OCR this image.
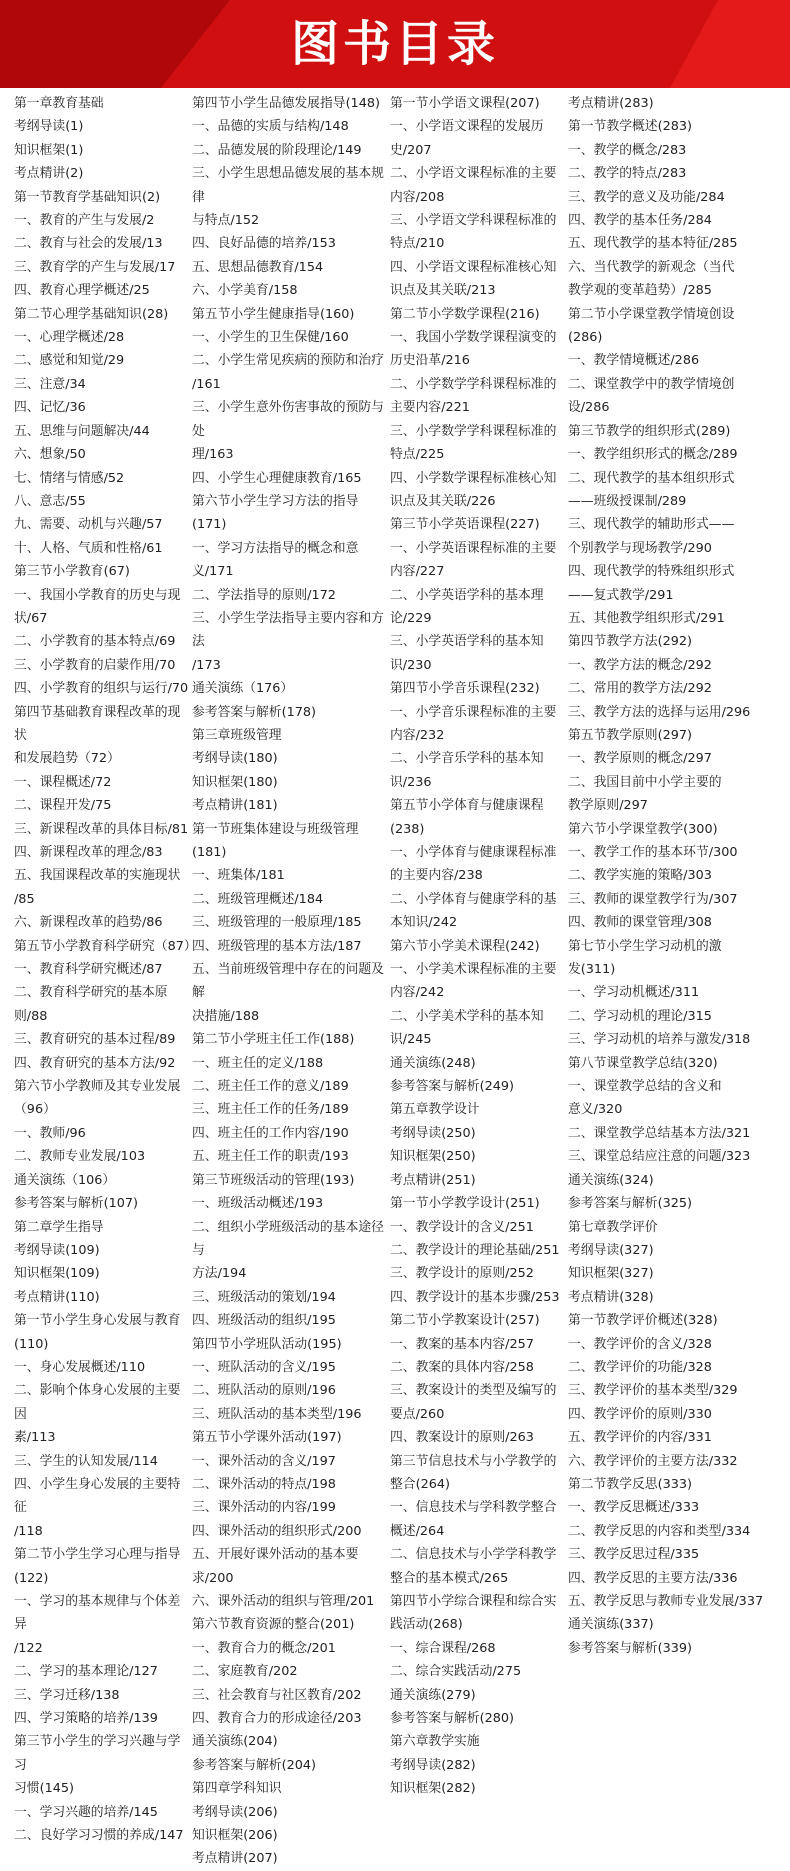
图书目录

第一章教育基础

考纲导读(1)

知识框架(1)

考点精讲(2)

第一节教育学基础知识(2)

一、教育的产生与发展/2

二、教育与社会的发展/13

三、教育学的产生与发展/17

四、教育心理学概述/25

第二节心理学基础知识(28)

一、心理学概述/28

二、感觉和知觉/29

三、注意/34

四、记忆/36

五、思维与问题解决/44

六、想象/50

七、情绪与情感/52

八、意志/55

九、需要、动机与兴趣/57

十、人格、气质和性格/61

第三节小学教育(67)

一、我国小学教育的历史与现

状/67

二、小学教育的基本特点/69

三、小学教育的启蒙作用/70

四、小学教育的组织与运行/70

第四节基础教育课程改革的现状

和发展趋势（72）

一、课程概述/72

二、课程开发/75

三、新课程改革的具体目标/81

四、新课程改革的理念/83

五、我国课程改革的实施现状

/85

六、新课程改革的趋势/86

第五节小学教育科学研究（87）

一、教育科学研究概述/87

二、教育科学研究的基本原则/88

三、教育研究的基本过程/89

四、教育研究的基本方法/92

第六节小学教师及其专业发展

（96）

一、教师/96

二、教师专业发展/103

通关演练（106）

参考答案与解析(107)

第二章学生指导

考纲导读(109)

知识框架(109)

考点精讲(110)

第一节小学生身心发展与教育(110)

一、身心发展概述/110

二、影响个体身心发展的主要因

素/113

三、学生的认知发展/114

四、小学生身心发展的主要特征

/118

第二节小学生学习心理与指导(122)

一、学习的基本规律与个体差异

/122

二、学习的基本理论/127

三、学习迁移/138

四、学习策略的培养/139

第三节小学生的学习兴趣与学习

习惯(145)

一、学习兴趣的培养/145

二、良好学习习惯的养成/147

第四节小学生品德发展指导(148)

一、品德的实质与结构/148

二、品德发展的阶段理论/149

三、小学生思想品德发展的基本规律

与特点/152

四、良好品德的培养/153

五、思想品德教育/154

六、小学美育/158

第五节小学生健康指导(160)

一、小学生的卫生保健/160

二、小学生常见疾病的预防和治疗

/161

三、小学生意外伤害事故的预防与处

理/163

四、小学生心理健康教育/165

第六节小学生学习方法的指导(171)

一、学习方法指导的概念和意义/171

二、学法指导的原则/172

三、小学生学法指导主要内容和方法

/173

通关演练（176）

参考答案与解析(178)

第三章班级管理

考纲导读(180)

知识框架(180)

考点精讲(181)

第一节班集体建设与班级管理(181)

一、班集体/181

二、班级管理概述/184

三、班级管理的一般原理/185

四、班级管理的基本方法/187

五、当前班级管理中存在的问题及解

决措施/188

第二节小学班主任工作(188)

一、班主任的定义/188

二、班主任工作的意义/189

三、班主任工作的任务/189

四、班主任的工作内容/190

五、班主任工作的职责/193

第三节班级活动的管理(193)

一、班级活动概述/193

二、组织小学班级活动的基本途径与

方法/194

三、班级活动的策划/194

四、班级活动的组织/195

第四节小学班队活动(195)

一、班队活动的含义/195

二、班队活动的原则/196

三、班队活动的基本类型/196

第五节小学课外活动(197)

一、课外活动的含义/197

二、课外活动的特点/198

三、课外活动的内容/199

四、课外活动的组织形式/200

五、开展好课外活动的基本要求/200

六、课外活动的组织与管理/201

第六节教育资源的整合(201)

一、教育合力的概念/201

二、家庭教育/202

三、社会教育与社区教育/202

四、教育合力的形成途径/203

通关演练(204)

参考答案与解析(204)

第四章学科知识

考纲导读(206)

知识框架(206)

考点精讲(207)

第一节小学语文课程(207)

一、小学语文课程的发展历史/207

二、小学语文课程标准的主要

内容/208

三、小学语文学科课程标准的

特点/210

四、小学语文课程标准核心知

识点及其关联/213

第二节小学数学课程(216)

一、我国小学数学课程演变的

历史沿革/216

二、小学数学学科课程标准的

主要内容/221

三、小学数学学科课程标准的

特点/225

四、小学数学课程标准核心知

识点及其关联/226

第三节小学英语课程(227)

一、小学英语课程标准的主要

内容/227

二、小学英语学科的基本理论/229

三、小学英语学科的基本知识/230

第四节小学音乐课程(232)

一、小学音乐课程标准的主要

内容/232

二、小学音乐学科的基本知识/236

第五节小学体育与健康课程(238)

一、小学体育与健康课程标准

的主要内容/238

二、小学体育与健康学科的基

本知识/242

第六节小学美术课程(242)

一、小学美术课程标准的主要

内容/242

二、小学美术学科的基本知识/245

通关演练(248)

参考答案与解析(249)

第五章教学设计

考纲导读(250)

知识框架(250)

考点精讲(251)

第一节小学教学设计(251)

一、教学设计的含义/251

二、教学设计的理论基础/251

三、教学设计的原则/252

四、教学设计的基本步骤/253

第二节小学教案设计(257)

一、教案的基本内容/257

二、教案的具体内容/258

三、教案设计的类型及编写的

要点/260

四、教案设计的原则/263

第三节信息技术与小学教学的

整合(264)

一、信息技术与学科教学整合

概述/264

二、信息技术与小学学科教学

整合的基本模式/265

第四节小学综合课程和综合实

践活动(268)

一、综合课程/268

二、综合实践活动/275

通关演练(279)

参考答案与解析(280)

第六章教学实施

考纲导读(282)

知识框架(282)

考点精讲(283)

第一节教学概述(283)

一、教学的概念/283

二、教学的特点/283

三、教学的意义及功能/284

四、教学的基本任务/284

五、现代教学的基本特征/285

六、当代教学的新观念（当代

教学观的变革趋势）/285

第二节小学课堂教学情境创设

(286)

一、教学情境概述/286

二、课堂教学中的教学情境创

设/286

第三节教学的组织形式(289)

一、教学组织形式的概念/289

二、现代教学的基本组织形式

——班级授课制/289

三、现代教学的辅助形式——

个别教学与现场教学/290

四、现代教学的特殊组织形式

——复式教学/291

五、其他教学组织形式/291

第四节教学方法(292)

一、教学方法的概念/292

二、常用的教学方法/292

三、教学方法的选择与运用/296

第五节教学原则(297)

一、教学原则的概念/297

二、我国目前中小学主要的

教学原则/297

第六节小学课堂教学(300)

一、教学工作的基本环节/300

二、教学实施的策略/303

三、教师的课堂教学行为/307

四、教师的课堂管理/308

第七节小学生学习动机的激

发(311)

一、学习动机概述/311

二、学习动机的理论/315

三、学习动机的培养与激发/318

第八节课堂教学总结(320)

一、课堂教学总结的含义和

意义/320

二、课堂教学总结基本方法/321

三、课堂总结应注意的问题/323

通关演练(324)

参考答案与解析(325)

第七章教学评价

考纲导读(327)

知识框架(327)

考点精讲(328)

第一节教学评价概述(328)

一、教学评价的含义/328

二、教学评价的功能/328

三、教学评价的基本类型/329

四、教学评价的原则/330

五、教学评价的内容/331

六、教学评价的主要方法/332

第二节教学反思(333)

一、教学反思概述/333

二、教学反思的内容和类型/334

三、教学反思过程/335

四、教学反思的主要方法/336

五、教学反思与教师专业发展/337

通关演练(337)

参考答案与解析(339)
